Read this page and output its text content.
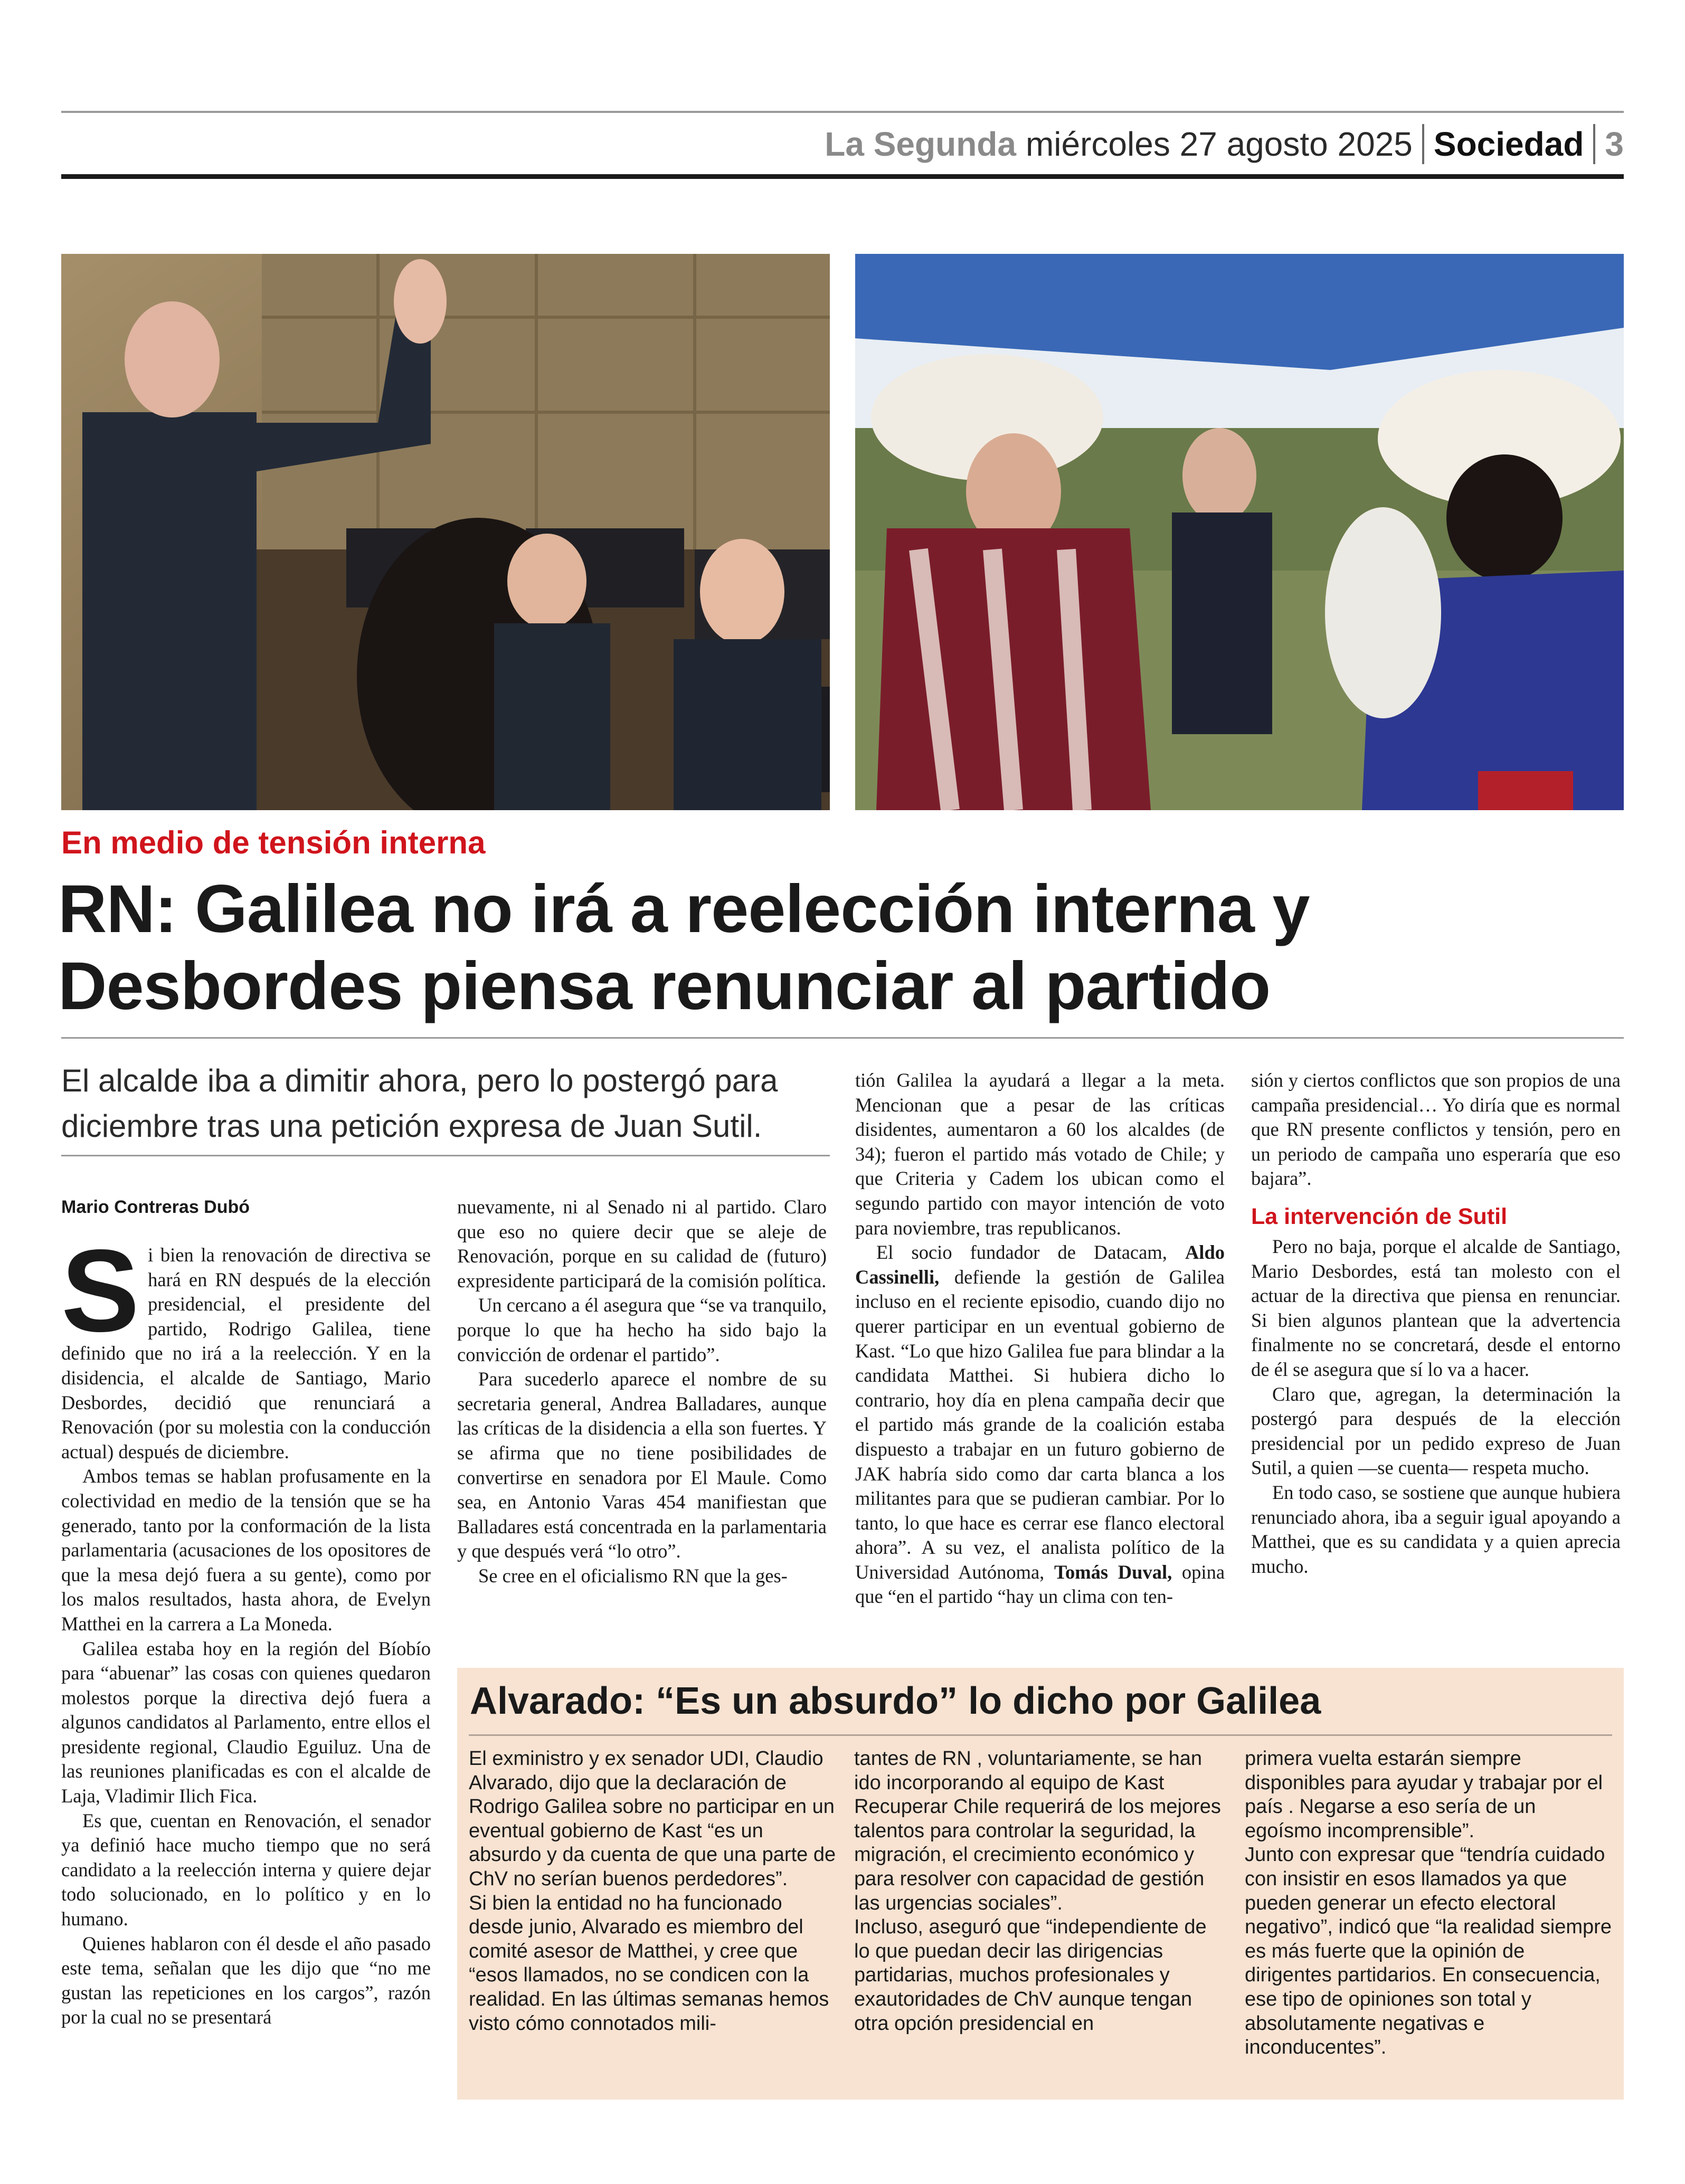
La Segunda miércoles 27 agosto 2025 Sociedad 3
En medio de tensión interna
RN: Galilea no irá a reelección interna y
Desbordes piensa renunciar al partido
El alcalde iba a dimitir ahora, pero lo postergó para
diciembre tras una petición expresa de Juan Sutil.
Mario Contreras Dubó

Si bien la renovación de directiva se hará en RN después de la elección presidencial, el presidente del partido, Rodrigo Galilea, tiene definido que no irá a la reelección. Y en la disidencia, el alcalde de Santiago, Mario Desbordes, decidió que renunciará a Renovación (por su molestia con la conducción actual) después de diciembre.

Ambos temas se hablan profusamente en la colectividad en medio de la tensión que se ha generado, tanto por la conformación de la lista parlamentaria (acusaciones de los opositores de que la mesa dejó fuera a su gente), como por los malos resultados, hasta ahora, de Evelyn Matthei en la carrera a La Moneda.

Galilea estaba hoy en la región del Bíobío para “abuenar” las cosas con quienes quedaron molestos porque la directiva dejó fuera a algunos candidatos al Parlamento, entre ellos el presidente regional, Claudio Eguiluz. Una de las reuniones planificadas es con el alcalde de Laja, Vladimir Ilich Fica.

Es que, cuentan en Renovación, el senador ya definió hace mucho tiempo que no será candidato a la reelección interna y quiere dejar todo solucionado, en lo político y en lo humano.

Quienes hablaron con él desde el año pasado este tema, señalan que les dijo que “no me gustan las repeticiones en los cargos”, razón por la cual no se presentará

nuevamente, ni al Senado ni al partido. Claro que eso no quiere decir que se aleje de Renovación, porque en su calidad de (futuro) expresidente participará de la comisión política.

Un cercano a él asegura que “se va tranquilo, porque lo que ha hecho ha sido bajo la convicción de ordenar el partido”.

Para sucederlo aparece el nombre de su secretaria general, Andrea Balladares, aunque las críticas de la disidencia a ella son fuertes. Y se afirma que no tiene posibilidades de convertirse en senadora por El Maule. Como sea, en Antonio Varas 454 manifiestan que Balladares está concentrada en la parlamentaria y que después verá “lo otro”.

Se cree en el oficialismo RN que la ges-

tión Galilea la ayudará a llegar a la meta. Mencionan que a pesar de las críticas disidentes, aumentaron a 60 los alcaldes (de 34); fueron el partido más votado de Chile; y que Criteria y Cadem los ubican como el segundo partido con mayor intención de voto para noviembre, tras republicanos.

El socio fundador de Datacam, Aldo Cassinelli, defiende la gestión de Galilea incluso en el reciente episodio, cuando dijo no querer participar en un eventual gobierno de Kast. “Lo que hizo Galilea fue para blindar a la candidata Matthei. Si hubiera dicho lo contrario, hoy día en plena campaña decir que el partido más grande de la coalición estaba dispuesto a trabajar en un futuro gobierno de JAK habría sido como dar carta blanca a los militantes para que se pudieran cambiar. Por lo tanto, lo que hace es cerrar ese flanco electoral ahora”. A su vez, el analista político de la Universidad Autónoma, Tomás Duval, opina que “en el partido “hay un clima con ten-

sión y ciertos conflictos que son propios de una campaña presidencial… Yo diría que es normal que RN presente conflictos y tensión, pero en un periodo de campaña uno esperaría que eso bajara”.

La intervención de Sutil

Pero no baja, porque el alcalde de Santiago, Mario Desbordes, está tan molesto con el actuar de la directiva que piensa en renunciar. Si bien algunos plantean que la advertencia finalmente no se concretará, desde el entorno de él se asegura que sí lo va a hacer.

Claro que, agregan, la determinación la postergó para después de la elección presidencial por un pedido expreso de Juan Sutil, a quien —se cuenta— respeta mucho.

En todo caso, se sostiene que aunque hubiera renunciado ahora, iba a seguir igual apoyando a Matthei, que es su candidata y a quien aprecia mucho.

Alvarado: “Es un absurdo” lo dicho por Galilea

El exministro y ex senador UDI, Claudio Alvarado, dijo que la declaración de Rodrigo Galilea sobre no participar en un eventual gobierno de Kast “es un absurdo y da cuenta de que una parte de ChV no serían buenos perdedores”.

Si bien la entidad no ha funcionado desde junio, Alvarado es miembro del comité asesor de Matthei, y cree que “esos llamados, no se condicen con la realidad. En las últimas semanas hemos visto cómo connotados mili-

tantes de RN , voluntariamente, se han ido incorporando al equipo de Kast Recuperar Chile requerirá de los mejores talentos para controlar la seguridad, la migración, el crecimiento económico y para resolver con capacidad de gestión las urgencias sociales”.

Incluso, aseguró que “independiente de lo que puedan decir las dirigencias partidarias, muchos profesionales y exautoridades de ChV aunque tengan otra opción presidencial en

primera vuelta estarán siempre disponibles para ayudar y trabajar por el país . Negarse a eso sería de un egoísmo incomprensible”.

Junto con expresar que “tendría cuidado con insistir en esos llamados ya que pueden generar un efecto electoral negativo”, indicó que “la realidad siempre es más fuerte que la opinión de dirigentes partidarios. En consecuencia, ese tipo de opiniones son total y absolutamente negativas e inconducentes”.
